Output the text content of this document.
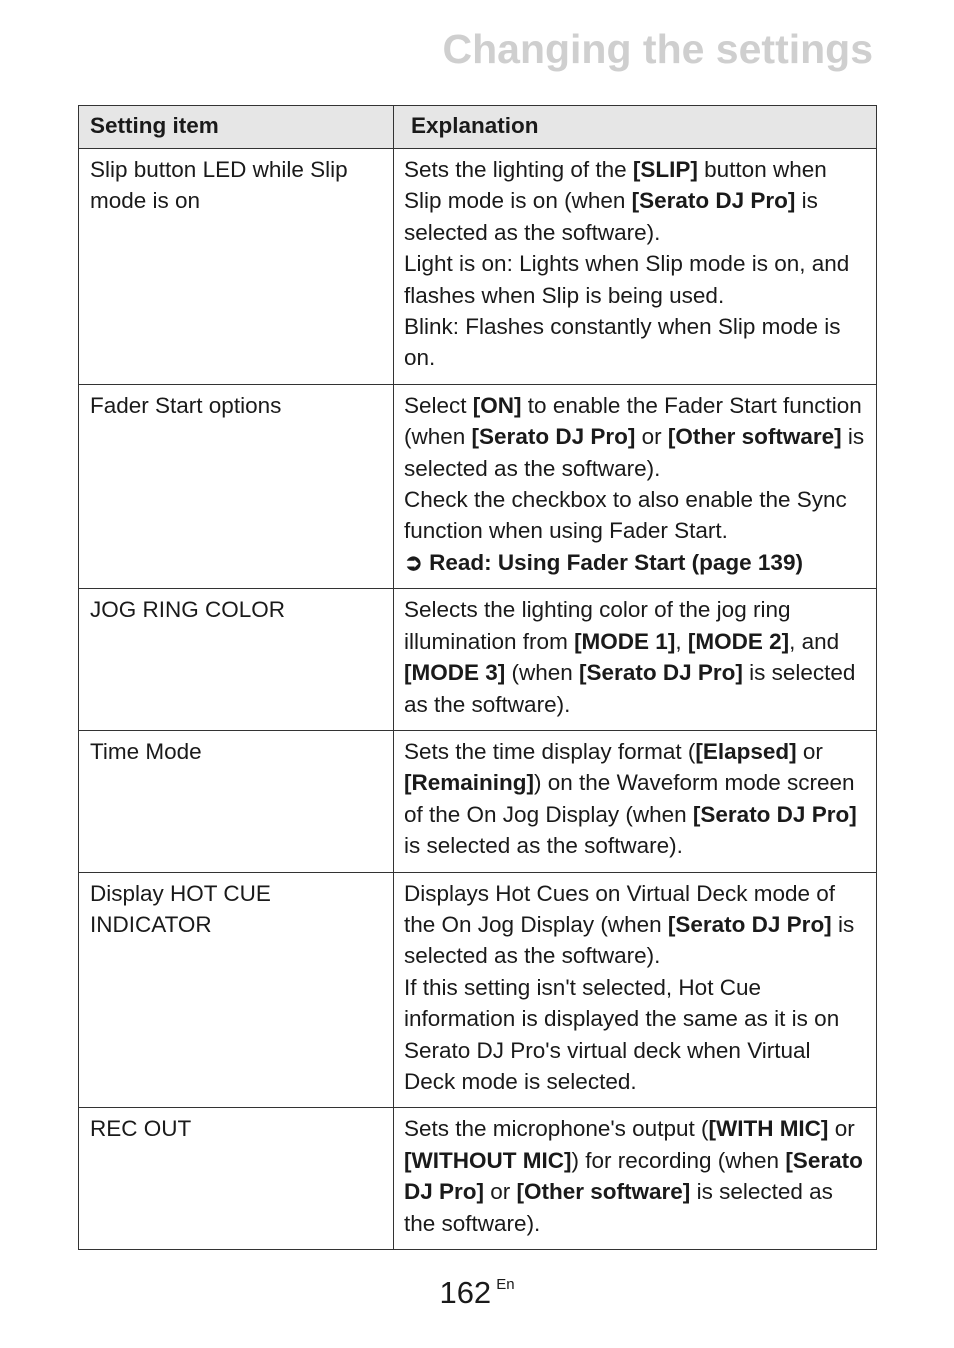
Changing the settings
Setting item	Explanation
Slip button LED while Slip mode is on	Sets the lighting of the [SLIP] button when Slip mode is on (when [Serato DJ Pro] is selected as the software).
Light is on: Lights when Slip mode is on, and flashes when Slip is being used.
Blink: Flashes constantly when Slip mode is on.

Fader Start options	Select [ON] to enable the Fader Start function (when [Serato DJ Pro] or [Other software] is selected as the software).
Check the checkbox to also enable the Sync function when using Fader Start.
➲ Read: Using Fader Start (page 139)

JOG RING COLOR	Selects the lighting color of the jog ring illumination from [MODE 1], [MODE 2], and [MODE 3] (when [Serato DJ Pro] is selected as the software).

Time Mode	Sets the time display format ([Elapsed] or [Remaining]) on the Waveform mode screen of the On Jog Display (when [Serato DJ Pro] is selected as the software).

Display HOT CUE INDICATOR	Displays Hot Cues on Virtual Deck mode of the On Jog Display (when [Serato DJ Pro] is selected as the software).
If this setting isn't selected, Hot Cue information is displayed the same as it is on Serato DJ Pro's virtual deck when Virtual Deck mode is selected.

REC OUT	Sets the microphone's output ([WITH MIC] or [WITHOUT MIC]) for recording (when [Serato DJ Pro] or [Other software] is selected as the software).
162 En
